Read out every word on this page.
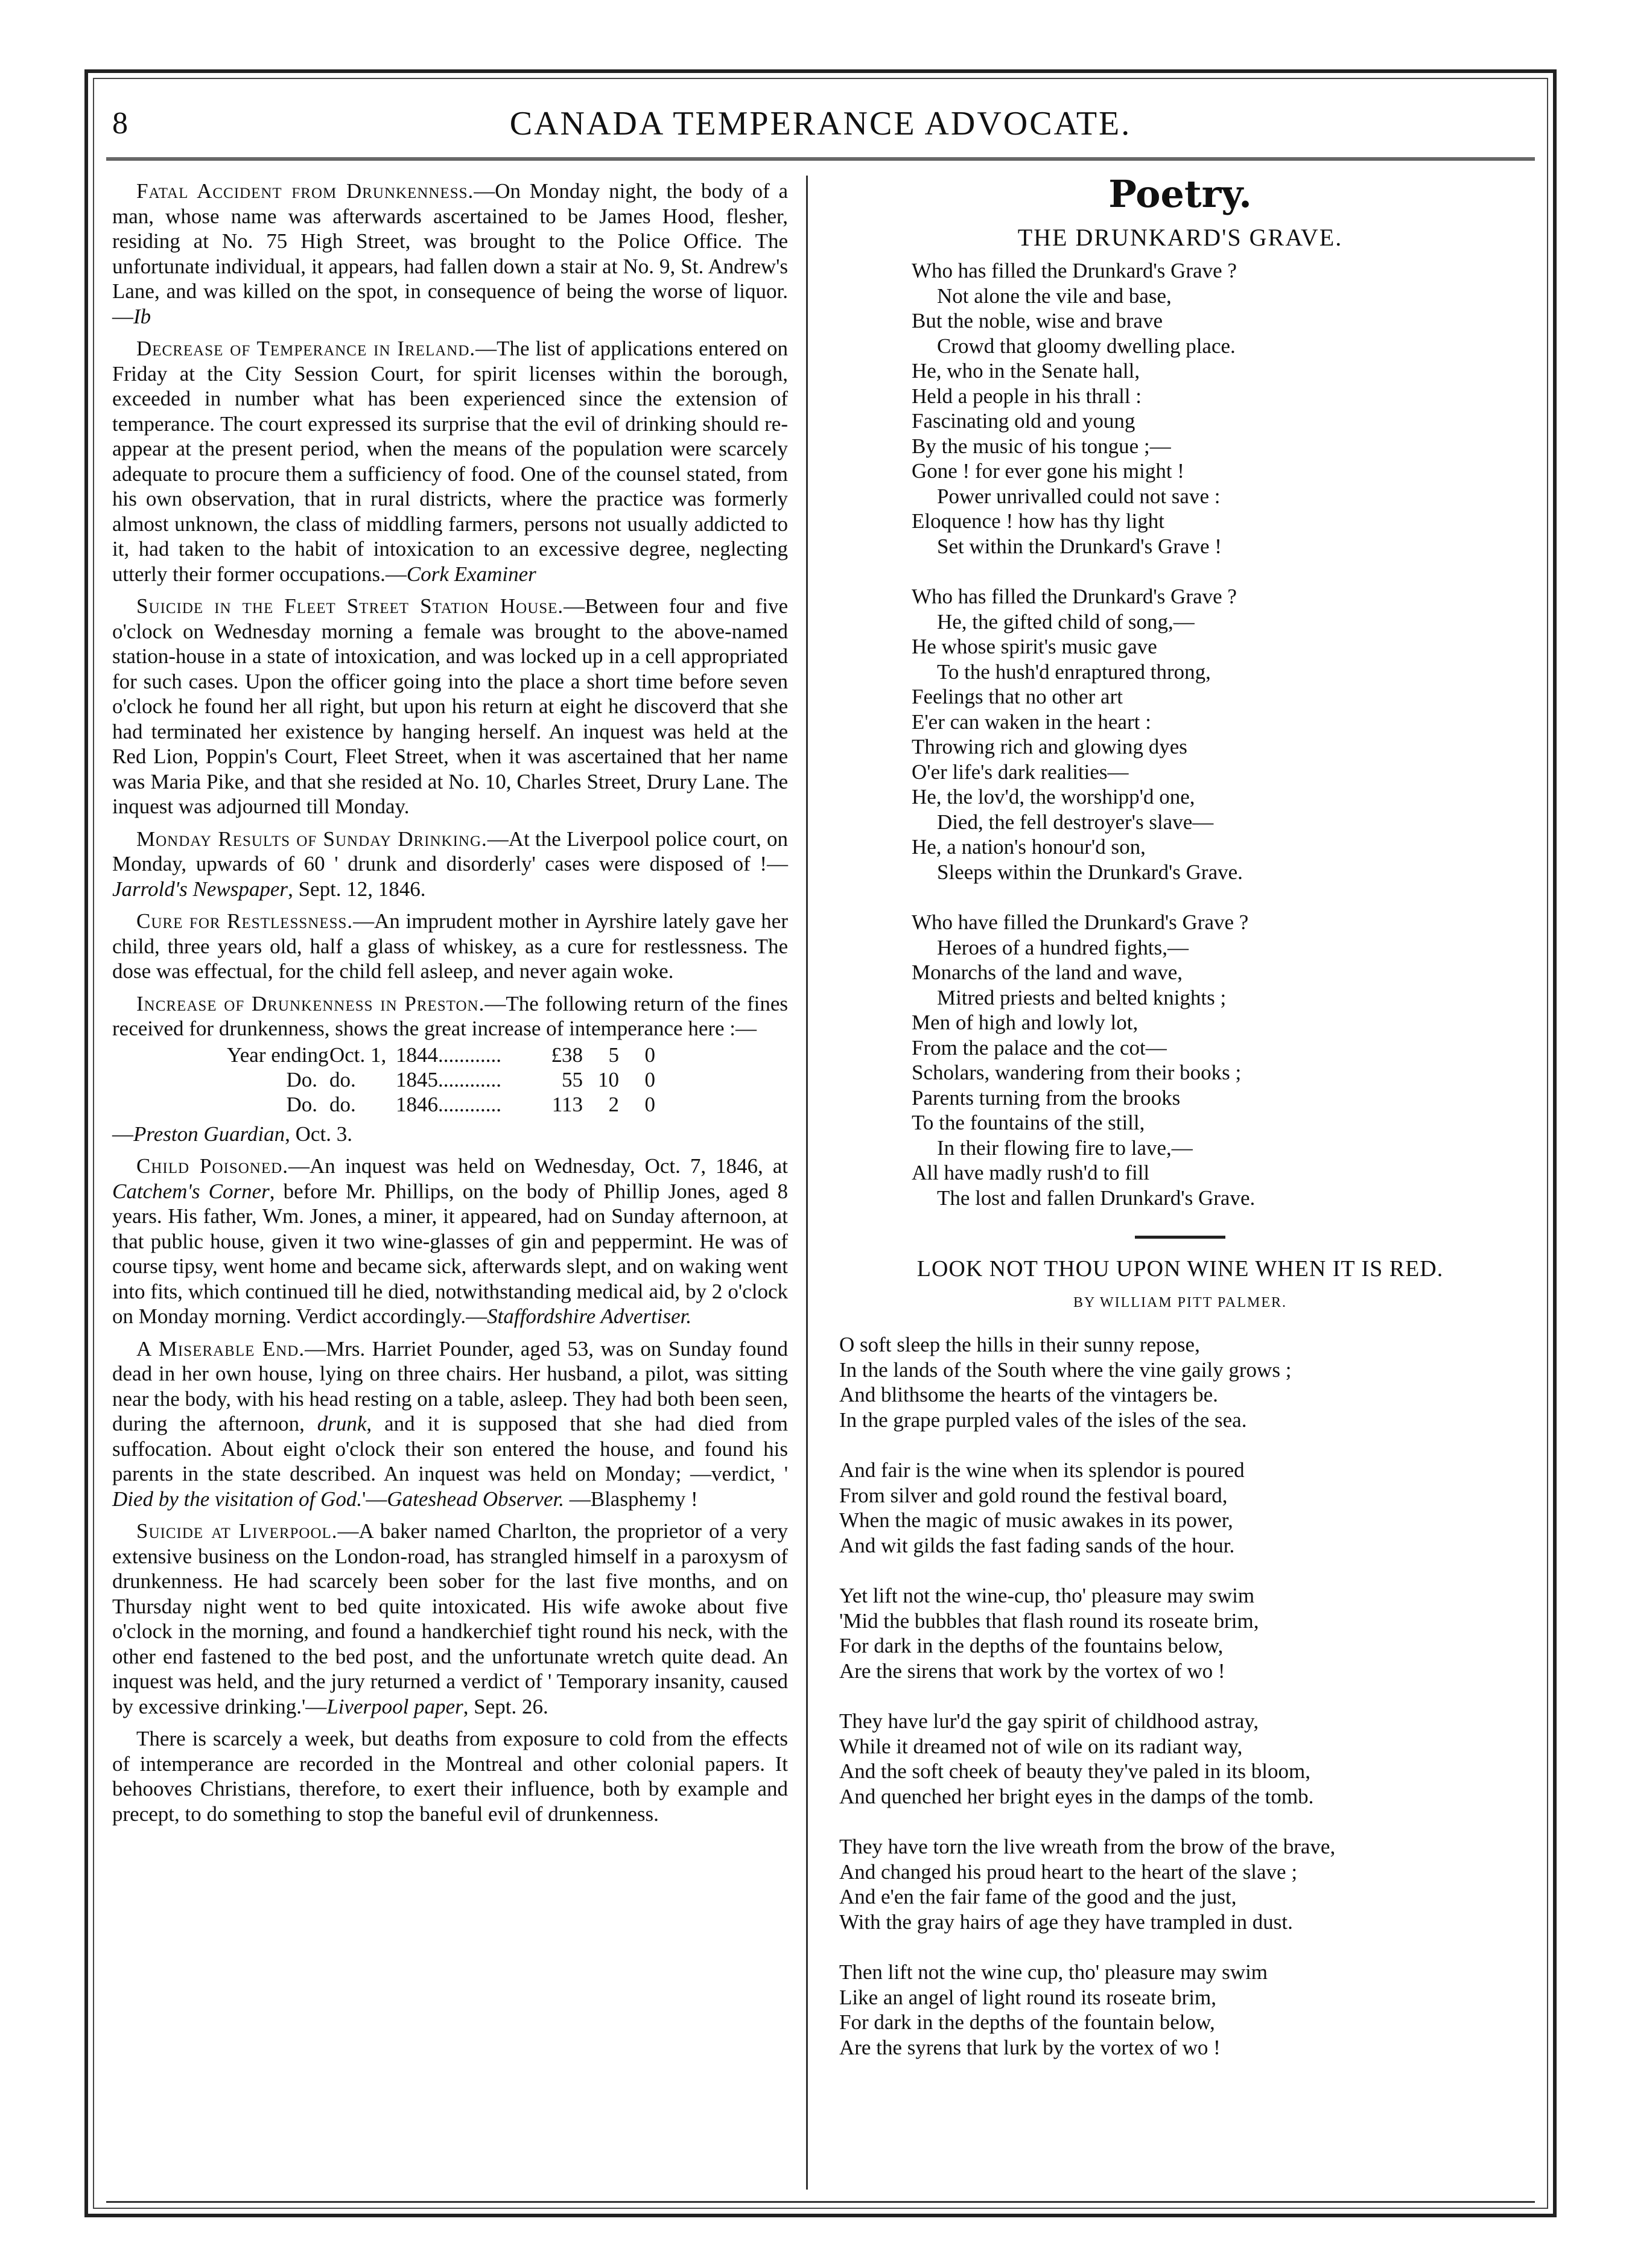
8	CANADA TEMPERANCE ADVOCATE.

Fatal Accident from Drunkenness.—On Monday night, the body of a man, whose name was afterwards ascertained to be James Hood, flesher, residing at No. 75 High Street, was brought to the Police Office. The unfortunate individual, it appears, had fallen down a stair at No. 9, St. Andrew's Lane, and was killed on the spot, in consequence of being the worse of liquor.—Ib

Decrease of Temperance in Ireland.—The list of applications entered on Friday at the City Session Court, for spirit licenses within the borough, exceeded in number what has been experienced since the extension of temperance. The court expressed its surprise that the evil of drinking should re-appear at the present period, when the means of the population were scarcely adequate to procure them a sufficiency of food. One of the counsel stated, from his own observation, that in rural districts, where the practice was formerly almost unknown, the class of middling farmers, persons not usually addicted to it, had taken to the habit of intoxication to an excessive degree, neglecting utterly their former occupations.—Cork Examiner

Suicide in the Fleet Street Station House.—Between four and five o'clock on Wednesday morning a female was brought to the above-named station-house in a state of intoxication, and was locked up in a cell appropriated for such cases. Upon the officer going into the place a short time before seven o'clock he found her all right, but upon his return at eight he discoverd that she had terminated her existence by hanging herself. An inquest was held at the Red Lion, Poppin's Court, Fleet Street, when it was ascertained that her name was Maria Pike, and that she resided at No. 10, Charles Street, Drury Lane. The inquest was adjourned till Monday.

Monday Results of Sunday Drinking.—At the Liverpool police court, on Monday, upwards of 60 ' drunk and disorderly' cases were disposed of !—Jarrold's Newspaper, Sept. 12, 1846.

Cure for Restlessness.—An imprudent mother in Ayrshire lately gave her child, three years old, half a glass of whiskey, as a cure for restlessness. The dose was effectual, for the child fell asleep, and never again woke.

Increase of Drunkenness in Preston.—The following return of the fines received for drunkenness, shows the great increase of intemperance here :—

Year ending Oct. 1, 1844............	£38	5	0
Do. do.	1845............	55 10	0
Do. do.	1846............	113	2	0
—Preston Guardian, Oct. 3.

Child Poisoned.—An inquest was held on Wednesday, Oct. 7, 1846, at Catchem's Corner, before Mr. Phillips, on the body of Phillip Jones, aged 8 years. His father, Wm. Jones, a miner, it appeared, had on Sunday afternoon, at that public house, given it two wine-glasses of gin and peppermint. He was of course tipsy, went home and became sick, afterwards slept, and on waking went into fits, which continued till he died, notwithstanding medical aid, by 2 o'clock on Monday morning. Verdict accordingly.—Staffordshire Advertiser.

A Miserable End.—Mrs. Harriet Pounder, aged 53, was on Sunday found dead in her own house, lying on three chairs. Her husband, a pilot, was sitting near the body, with his head resting on a table, asleep. They had both been seen, during the afternoon, drunk, and it is supposed that she had died from suffocation. About eight o'clock their son entered the house, and found his parents in the state described. An inquest was held on Monday; —verdict, ' Died by the visitation of God.'—Gateshead Observer. —Blasphemy !

Suicide at Liverpool.—A baker named Charlton, the proprietor of a very extensive business on the London-road, has strangled himself in a paroxysm of drunkenness. He had scarcely been sober for the last five months, and on Thursday night went to bed quite intoxicated. His wife awoke about five o'clock in the morning, and found a handkerchief tight round his neck, with the other end fastened to the bed post, and the unfortunate wretch quite dead. An inquest was held, and the jury returned a verdict of ' Temporary insanity, caused by excessive drinking.'—Liverpool paper, Sept. 26.

There is scarcely a week, but deaths from exposure to cold from the effects of intemperance are recorded in the Montreal and other colonial papers. It behooves Christians, therefore, to exert their influence, both by example and precept, to do something to stop the baneful evil of drunkenness.

Poetry.
THE DRUNKARD'S GRAVE.
Who has filled the Drunkard's Grave ?
Not alone the vile and base,
But the noble, wise and brave
Crowd that gloomy dwelling place.
He, who in the Senate hall,
Held a people in his thrall :
Fascinating old and young
By the music of his tongue ;—
Gone ! for ever gone his might !
Power unrivalled could not save :
Eloquence ! how has thy light
Set within the Drunkard's Grave !
Who has filled the Drunkard's Grave ?
He, the gifted child of song,—
He whose spirit's music gave
To the hush'd enraptured throng,
Feelings that no other art
E'er can waken in the heart :
Throwing rich and glowing dyes
O'er life's dark realities—
He, the lov'd, the worshipp'd one,
Died, the fell destroyer's slave—
He, a nation's honour'd son,
Sleeps within the Drunkard's Grave.
Who have filled the Drunkard's Grave ?
Heroes of a hundred fights,—
Monarchs of the land and wave,
Mitred priests and belted knights ;
Men of high and lowly lot,
From the palace and the cot—
Scholars, wandering from their books ;
Parents turning from the brooks
To the fountains of the still,
In their flowing fire to lave,—
All have madly rush'd to fill
The lost and fallen Drunkard's Grave.
LOOK NOT THOU UPON WINE WHEN IT IS RED.
BY WILLIAM PITT PALMER.
O soft sleep the hills in their sunny repose,
In the lands of the South where the vine gaily grows ;
And blithsome the hearts of the vintagers be.
In the grape purpled vales of the isles of the sea.
And fair is the wine when its splendor is poured
From silver and gold round the festival board,
When the magic of music awakes in its power,
And wit gilds the fast fading sands of the hour.
Yet lift not the wine-cup, tho' pleasure may swim
'Mid the bubbles that flash round its roseate brim,
For dark in the depths of the fountains below,
Are the sirens that work by the vortex of wo !
They have lur'd the gay spirit of childhood astray,
While it dreamed not of wile on its radiant way,
And the soft cheek of beauty they've paled in its bloom,
And quenched her bright eyes in the damps of the tomb.
They have torn the live wreath from the brow of the brave,
And changed his proud heart to the heart of the slave ;
And e'en the fair fame of the good and the just,
With the gray hairs of age they have trampled in dust.
Then lift not the wine cup, tho' pleasure may swim
Like an angel of light round its roseate brim,
For dark in the depths of the fountain below,
Are the syrens that lurk by the vortex of wo !
